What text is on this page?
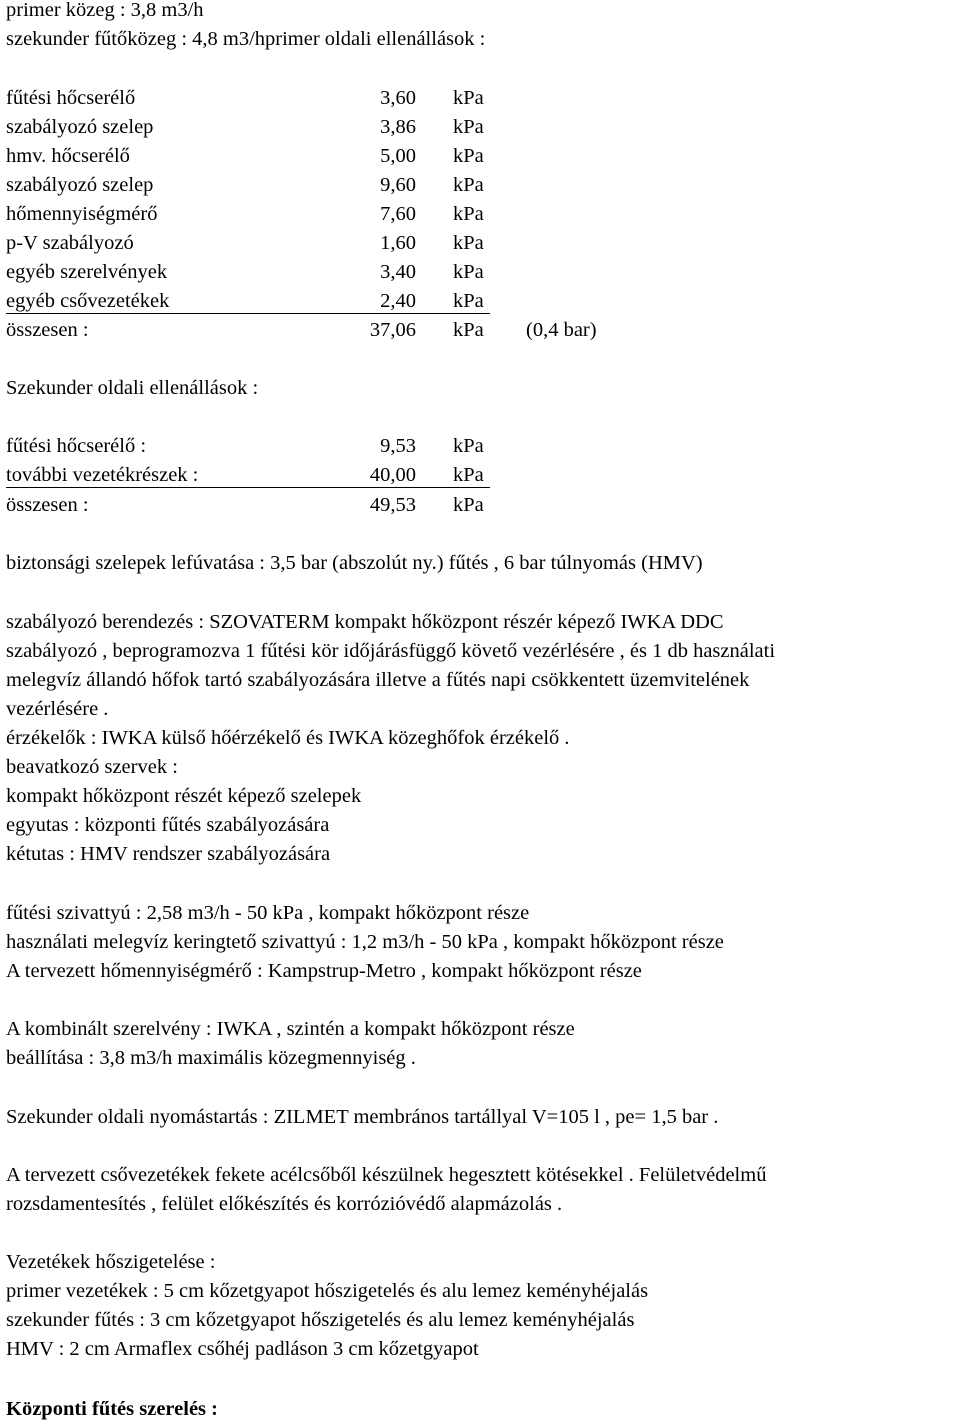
primer közeg : 3,8 m3/h
szekunder fűtőközeg : 4,8 m3/hprimer oldali ellenállások :
fűtési hőcserélő	3,60 kPa
szabályozó szelep	3,86 kPa
hmv. hőcserélő	5,00 kPa
szabályozó szelep	9,60 kPa
hőmennyiségmérő	7,60 kPa
p-V szabályozó	1,60 kPa
egyéb szerelvények	3,40 kPa
egyéb csővezetékek	2,40 kPa
összesen :	37,06 kPa (0,4 bar)
Szekunder oldali ellenállások :
fűtési hőcserélő :	9,53 kPa
további vezetékrészek :	40,00 kPa
összesen :	49,53 kPa
biztonsági szelepek lefúvatása : 3,5 bar (abszolút ny.) fűtés , 6 bar túlnyomás (HMV)
szabályozó berendezés : SZOVATERM kompakt hőközpont részér képező IWKA DDC
szabályozó , beprogramozva 1 fűtési kör időjárásfüggő követő vezérlésére , és 1 db használati
melegvíz állandó hőfok tartó szabályozására illetve a fűtés napi csökkentett üzemvitelének
vezérlésére .
érzékelők : IWKA külső hőérzékelő és IWKA közeghőfok érzékelő .
beavatkozó szervek :
kompakt hőközpont részét képező szelepek
egyutas : központi fűtés szabályozására
kétutas : HMV rendszer szabályozására
fűtési szivattyú : 2,58 m3/h - 50 kPa , kompakt hőközpont része
használati melegvíz keringtető szivattyú : 1,2 m3/h - 50 kPa , kompakt hőközpont része
A tervezett hőmennyiségmérő : Kampstrup-Metro , kompakt hőközpont része
A kombinált szerelvény : IWKA , szintén a kompakt hőközpont része
beállítása : 3,8 m3/h maximális közegmennyiség .
Szekunder oldali nyomástartás : ZILMET membrános tartállyal V=105 l , pe= 1,5 bar .
A tervezett csővezetékek fekete acélcsőből készülnek hegesztett kötésekkel . Felületvédelmű
rozsdamentesítés , felület előkészítés és korrózióvédő alapmázolás .
Vezetékek hőszigetelése :
primer vezetékek : 5 cm kőzetgyapot hőszigetelés és alu lemez keményhéjalás
szekunder fűtés : 3 cm kőzetgyapot hőszigetelés és alu lemez keményhéjalás
HMV : 2 cm Armaflex csőhéj padláson 3 cm kőzetgyapot
Központi fűtés szerelés :
